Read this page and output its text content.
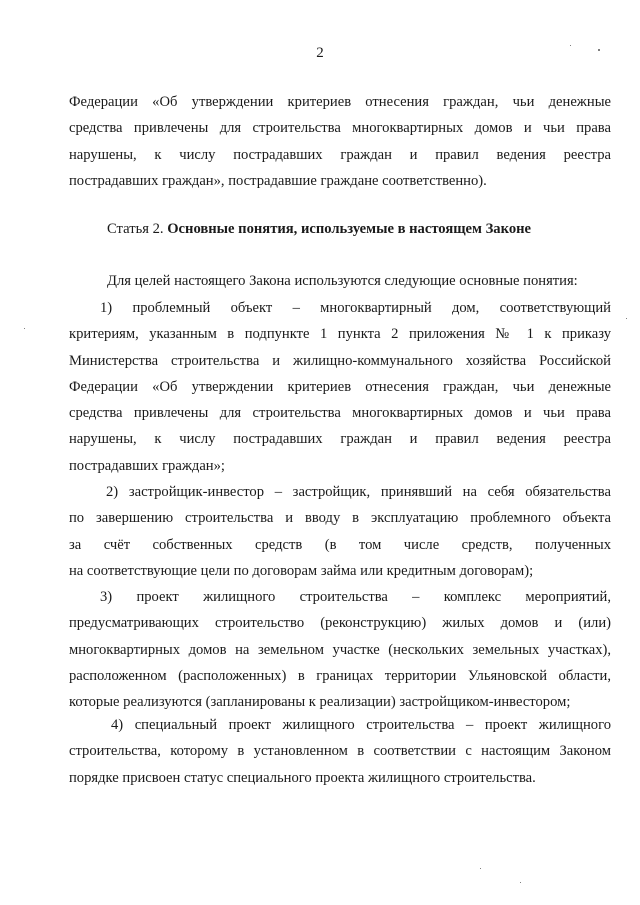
2
Федерации «Об утверждении критериев отнесения граждан, чьи денежные
средства привлечены для строительства многоквартирных домов и чьи права
нарушены, к числу пострадавших граждан и правил ведения реестра
пострадавших граждан», пострадавшие граждане соответственно).
Статья 2. Основные понятия, используемые в настоящем Законе
Для целей настоящего Закона используются следующие основные понятия:
1) проблемный объект – многоквартирный дом, соответствующий
критериям, указанным в подпункте 1 пункта 2 приложения № 1 к приказу
Министерства строительства и жилищно-коммунального хозяйства Российской
Федерации «Об утверждении критериев отнесения граждан, чьи денежные
средства привлечены для строительства многоквартирных домов и чьи права
нарушены, к числу пострадавших граждан и правил ведения реестра
пострадавших граждан»;
2) застройщик-инвестор – застройщик, принявший на себя обязательства
по завершению строительства и вводу в эксплуатацию проблемного объекта
за счёт собственных средств (в том числе средств, полученных
на соответствующие цели по договорам займа или кредитным договорам);
3) проект жилищного строительства – комплекс мероприятий,
предусматривающих строительство (реконструкцию) жилых домов и (или)
многоквартирных домов на земельном участке (нескольких земельных участках),
расположенном (расположенных) в границах территории Ульяновской области,
которые реализуются (запланированы к реализации) застройщиком-инвестором;
4) специальный проект жилищного строительства – проект жилищного
строительства, которому в установленном в соответствии с настоящим Законом
порядке присвоен статус специального проекта жилищного строительства.
